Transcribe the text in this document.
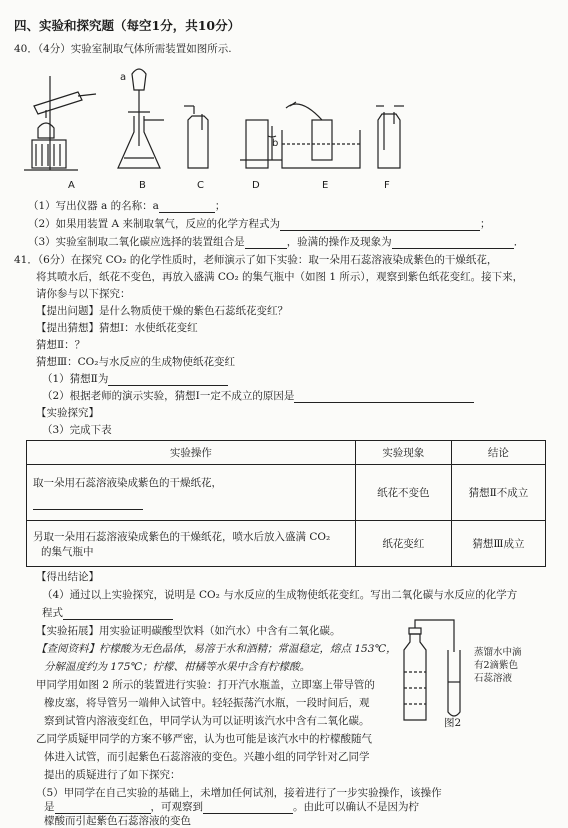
四、实验和探究题（每空1分，共10分）
40．（4分）实验室制取气体所需装置如图所示.
a
b
A	B	C	D	E	F
（1）写出仪器 a 的名称：a	；
（2）如果用装置 A 来制取氧气，反应的化学方程式为	；
（3）实验室制取二氧化碳应选择的装置组合是	，验满的操作及现象为	．
41．（6分）在探究 CO₂ 的化学性质时，老师演示了如下实验：取一朵用石蕊溶液染成紫色的干燥纸花，
将其喷水后，纸花不变色，再放入盛满 CO₂ 的集气瓶中（如图 1 所示），观察到紫色纸花变红。接下来，
请你参与以下探究：
【提出问题】是什么物质使干燥的紫色石蕊纸花变红？
【提出猜想】猜想Ⅰ：水使纸花变红
猜想Ⅱ：？
猜想Ⅲ：CO₂与水反应的生成物使纸花变红
（1）猜想Ⅱ为
（2）根据老师的演示实验，猜想Ⅰ一定不成立的原因是
【实验探究】
（3）完成下表
实验操作	实验现象	结论

取一朵用石蕊溶液染成紫色的干燥纸花，	纸花不变色	猜想Ⅱ不成立

另取一朵用石蕊溶液染成紫色的干燥纸花，喷水后放入盛满 CO₂
的集气瓶中	纸花变红	猜想Ⅲ成立
【得出结论】
（4）通过以上实验探究，说明是 CO₂ 与水反应的生成物使纸花变红。写出二氧化碳与水反应的化学方
程式
【实验拓展】用实验证明碳酸型饮料（如汽水）中含有二氧化碳。
【查阅资料】柠檬酸为无色晶体，易溶于水和酒精；常温稳定，熔点 153℃，
分解温度约为 175℃；柠檬、柑橘等水果中含有柠檬酸。
甲同学用如图 2 所示的装置进行实验：打开汽水瓶盖，立即塞上带导管的
橡皮塞，将导管另一端伸入试管中。轻轻振荡汽水瓶，一段时间后，观
察到试管内溶液变红色，甲同学认为可以证明该汽水中含有二氧化碳。
乙同学质疑甲同学的方案不够严密，认为也可能是该汽水中的柠檬酸随气
体进入试管，而引起紫色石蕊溶液的变色。兴趣小组的同学针对乙同学
提出的质疑进行了如下探究：
（5）甲同学在自己实验的基础上，未增加任何试剂，接着进行了一步实验操作，该操作
是	，可观察到	。由此可以确认不是因为柠
檬酸而引起紫色石蕊溶液的变色
蒸馏水中滴
有2滴紫色
石蕊溶液
图2
